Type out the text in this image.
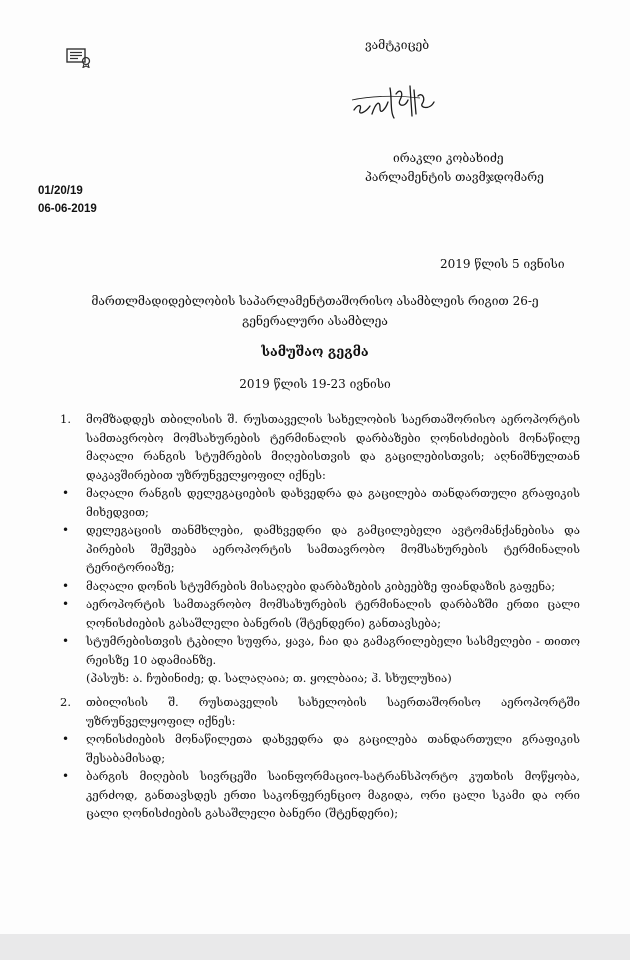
ვამტკიცებ
ირაკლი კობახიძე
პარლამენტის თავმჯდომარე
01/20/19
06-06-2019
2019 წლის 5 ივნისი
მართლმადიდებლობის საპარლამენტთაშორისო ასამბლეის რიგით 26-ე გენერალური ასამბლეა
სამუშაო გეგმა
2019 წლის 19-23 ივნისი
1. მომზადდეს თბილისის შ. რუსთაველის სახელობის საერთაშორისო აეროპორტის სამთავრობო მომსახურების ტერმინალის დარბაზები ღონისძიების მონაწილე მაღალი რანგის სტუმრების მიღებისთვის და გაცილებისთვის; აღნიშნულთან დაკავშირებით უზრუნველყოფილ იქნეს:
• მაღალი რანგის დელეგაციების დახვედრა და გაცილება თანდართული გრაფიკის მიხედვით;
• დელეგაციის თანმხლები, დამხვედრი და გამცილებელი ავტომანქანებისა და პირების შეშვება აეროპორტის სამთავრობო მომსახურების ტერმინალის ტერიტორიაზე;
• მაღალი დონის სტუმრების მისაღები დარბაზების კიბეებზე ფიანდაზის გაფენა;
• აეროპორტის სამთავრობო მომსახურების ტერმინალის დარბაზში ერთი ცალი ღონისძიების გასაშლელი ბანერის (შტენდერი) განთავსება;
• სტუმრებისთვის ტკბილი სუფრა, ყავა, ჩაი და გამაგრილებელი სასმელები - თითო რეისზე 10 ადამიანზე.
(პასუხ: ა. ჩუბინიძე; დ. სალაღაია; თ. ყოლბაია; ჰ. სხულუხია)
2. თბილისის შ. რუსთაველის სახელობის საერთაშორისო აეროპორტში უზრუნველყოფილ იქნეს:
• ღონისძიების მონაწილეთა დახვედრა და გაცილება თანდართული გრაფიკის შესაბამისად;
• ბარგის მიღების სივრცეში საინფორმაციო-სატრანსპორტო კუთხის მოწყობა, კერძოდ, განთავსდეს ერთი საკონფერენციო მაგიდა, ორი ცალი სკამი და ორი ცალი ღონისძიების გასაშლელი ბანერი (შტენდერი);
